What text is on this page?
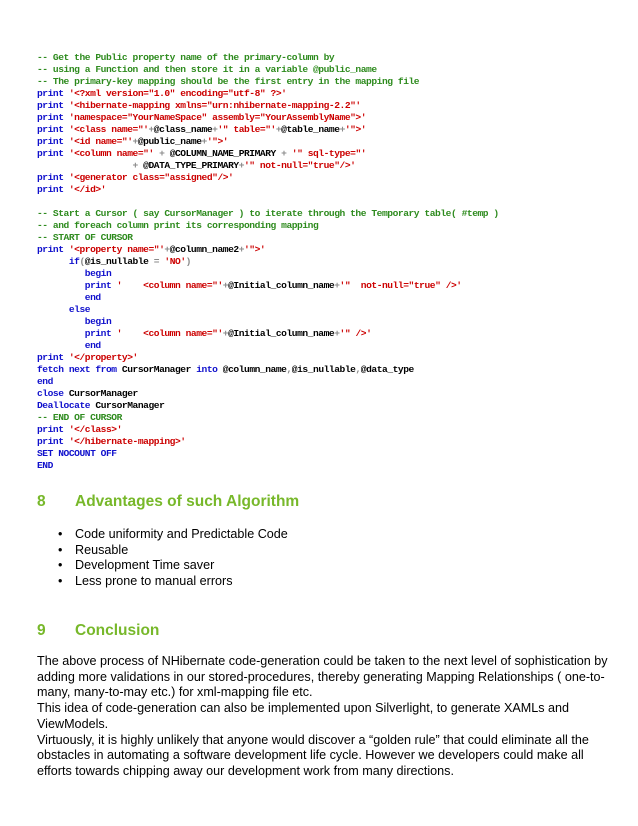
-- Get the Public property name of the primary-column by
-- using a Function and then store it in a variable @public_name
-- The primary-key mapping should be the first entry in the mapping file
print '<?xml version="1.0" encoding="utf-8" ?>'
print '<hibernate-mapping xmlns="urn:nhibernate-mapping-2.2"'
print 'namespace="YourNameSpace" assembly="YourAssemblyName">'
print '<class name="'+@class_name+'" table="'+@table_name+'">'
print '<id name="'+@public_name+'">'
print '<column name="' + @COLUMN_NAME_PRIMARY + '" sql-type="'
+ @DATA_TYPE_PRIMARY+'" not-null="true"/>'
print '<generator class="assigned"/>'
print '</id>'
-- Start a Cursor ( say CursorManager ) to iterate through the Temporary table( #temp )
-- and foreach column print its corresponding mapping
-- START OF CURSOR
print '<property name="'+@column_name2+'">'
if(@is_nullable = 'NO')
begin
print '    <column name="'+@Initial_column_name+'"  not-null="true" />'
end
else
begin
print '    <column name="'+@Initial_column_name+'" />'
end
print '</property>'
fetch next from CursorManager into @column_name,@is_nullable,@data_type
end
close CursorManager
Deallocate CursorManager
-- END OF CURSOR
print '</class>'
print '</hibernate-mapping>'
SET NOCOUNT OFF
END
8 Advantages of such Algorithm
• Code uniformity and Predictable Code
• Reusable
• Development Time saver
• Less prone to manual errors
9 Conclusion

The above process of NHibernate code-generation could be taken to the next level of sophistication by adding more validations in our stored-procedures, thereby generating Mapping Relationships ( one-to-many, many-to-may etc.) for xml-mapping file etc.

This idea of code-generation can also be implemented upon Silverlight, to generate XAMLs and ViewModels.

Virtuously, it is highly unlikely that anyone would discover a “golden rule” that could eliminate all the obstacles in automating a software development life cycle. However we developers could make all efforts towards chipping away our development work from many directions.
